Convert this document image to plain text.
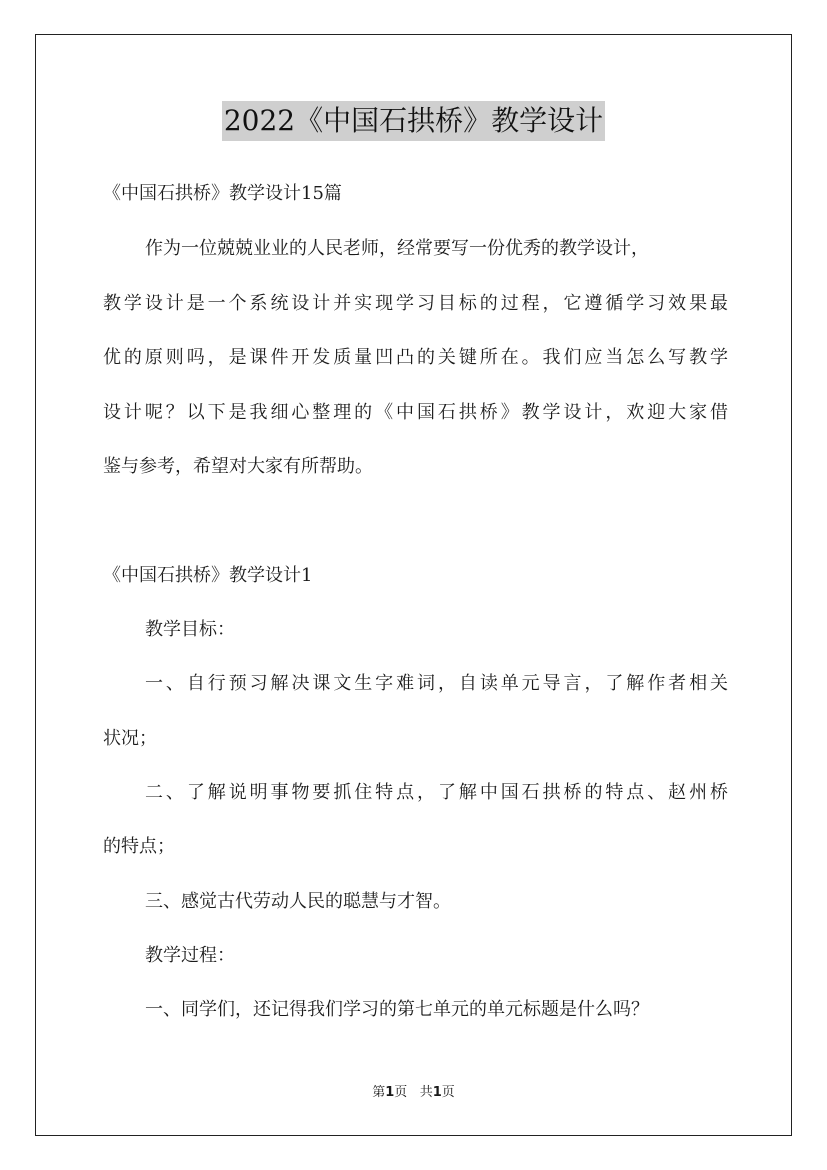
2022《中国石拱桥》教学设计
《中国石拱桥》教学设计15篇
作为一位兢兢业业的人民老师，经常要写一份优秀的教学设计，
教学设计是一个系统设计并实现学习目标的过程，它遵循学习效果最
优的原则吗，是课件开发质量凹凸的关键所在。我们应当怎么写教学
设计呢？以下是我细心整理的《中国石拱桥》教学设计，欢迎大家借
鉴与参考，希望对大家有所帮助。
《中国石拱桥》教学设计1
教学目标：
一、自行预习解决课文生字难词，自读单元导言，了解作者相关
状况；
二、了解说明事物要抓住特点，了解中国石拱桥的特点、赵州桥
的特点；
三、感觉古代劳动人民的聪慧与才智。
教学过程：
一、同学们，还记得我们学习的第七单元的单元标题是什么吗？
第1页 共1页
